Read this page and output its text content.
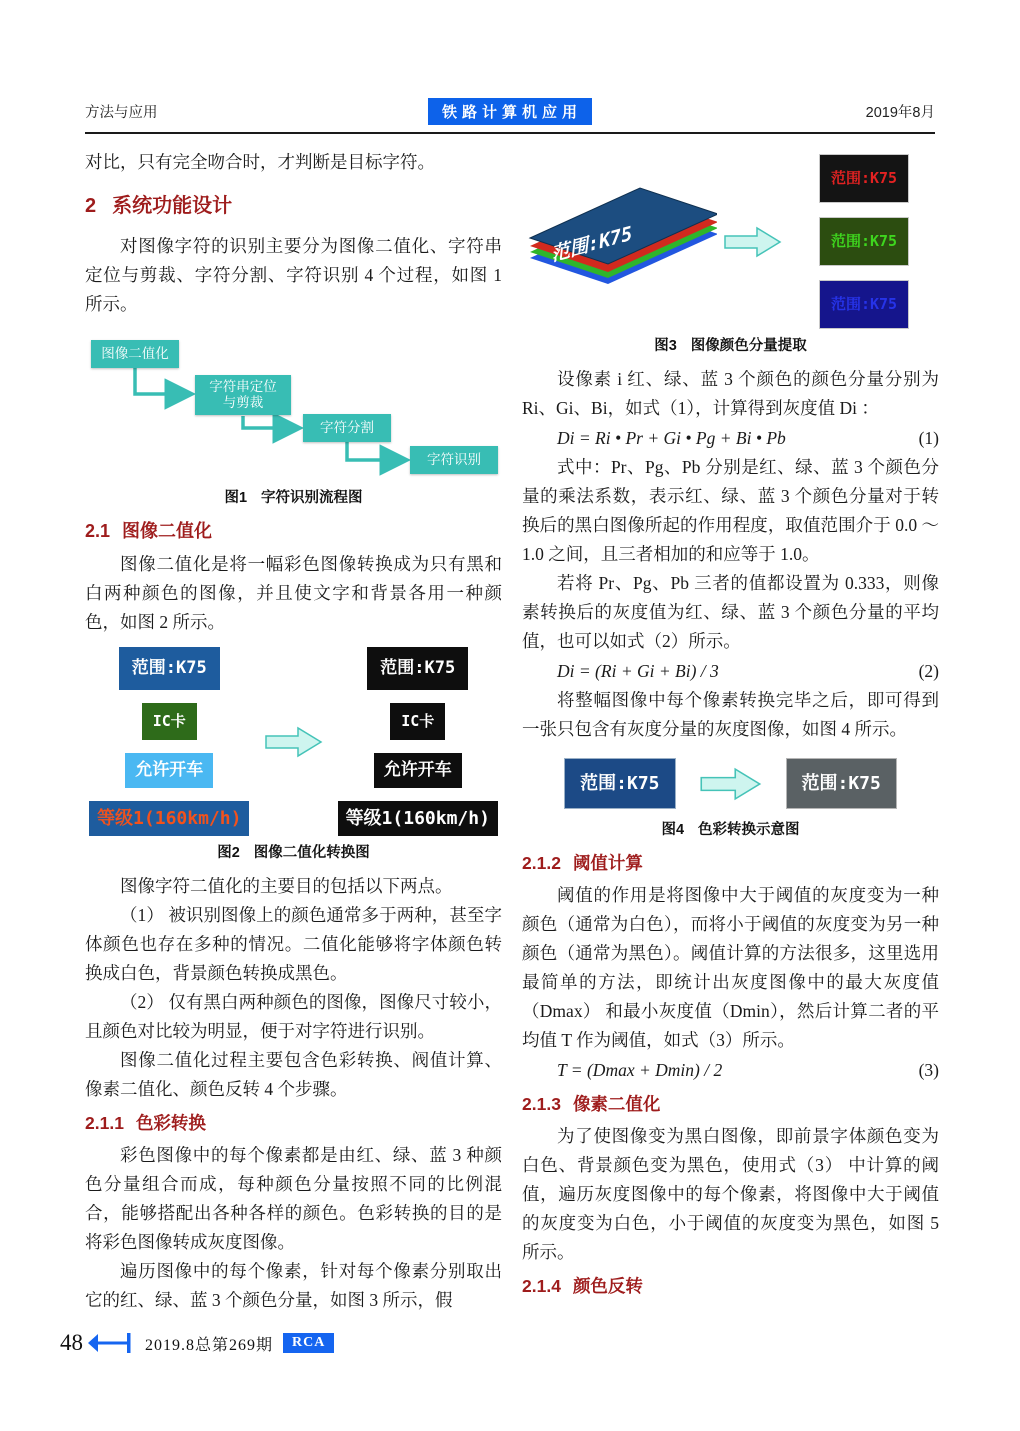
方法与应用	铁路计算机应用	2019年8月

对比，只有完全吻合时，才判断是目标字符。

2 系统功能设计

对图像字符的识别主要分为图像二值化、字符串定位与剪裁、字符分割、字符识别 4 个过程，如图 1 所示。

图像二值化
字符串定位
与剪裁
字符分割
字符识别
图1 字符识别流程图
2.1 图像二值化

图像二值化是将一幅彩色图像转换成为只有黑和白两种颜色的图像，并且使文字和背景各用一种颜色，如图 2 所示。

范围:K75	范围:K75
IC卡	IC卡
允许开车	允许开车
等级1(160km/h)	等级1(160km/h)
图2 图像二值化转换图

图像字符二值化的主要目的包括以下两点。

（1） 被识别图像上的颜色通常多于两种，甚至字体颜色也存在多种的情况。二值化能够将字体颜色转换成白色，背景颜色转换成黑色。

（2） 仅有黑白两种颜色的图像，图像尺寸较小，且颜色对比较为明显，便于对字符进行识别。

图像二值化过程主要包含色彩转换、阀值计算、像素二值化、颜色反转 4 个步骤。

2.1.1 色彩转换

彩色图像中的每个像素都是由红、绿、蓝 3 种颜色分量组合而成，每种颜色分量按照不同的比例混合，能够搭配出各种各样的颜色。色彩转换的目的是将彩色图像转成灰度图像。

遍历图像中的每个像素，针对每个像素分别取出它的红、绿、蓝 3 个颜色分量，如图 3 所示，假

范围:K75
范围:K75
范围:K75
范围:K75
图3 图像颜色分量提取

设像素 i 红、绿、蓝 3 个颜色的颜色分量分别为 Ri、Gi、Bi，如式（1），计算得到灰度值 Di ：

Di = Ri • Pr + Gi • Pg + Bi • Pb	(1)

式中：Pr、Pg、Pb 分别是红、绿、蓝 3 个颜色分量的乘法系数，表示红、绿、蓝 3 个颜色分量对于转换后的黑白图像所起的作用程度，取值范围介于 0.0 ～ 1.0 之间，且三者相加的和应等于 1.0。

若将 Pr、Pg、Pb 三者的值都设置为 0.333，则像素转换后的灰度值为红、绿、蓝 3 个颜色分量的平均值，也可以如式（2）所示。

Di = (Ri + Gi + Bi) / 3	(2)

将整幅图像中每个像素转换完毕之后，即可得到一张只包含有灰度分量的灰度图像，如图 4 所示。

范围:K75	范围:K75
图4 色彩转换示意图
2.1.2 阈值计算

阈值的作用是将图像中大于阈值的灰度变为一种颜色（通常为白色），而将小于阈值的灰度变为另一种颜色（通常为黑色）。阈值计算的方法很多，这里选用最简单的方法，即统计出灰度图像中的最大灰度值（Dmax） 和最小灰度值（Dmin），然后计算二者的平均值 T 作为阈值，如式（3）所示。

T = (Dmax + Dmin) / 2	(3)
2.1.3 像素二值化

为了使图像变为黑白图像，即前景字体颜色变为白色、背景颜色变为黑色，使用式（3） 中计算的阈值，遍历灰度图像中的每个像素，将图像中大于阈值的灰度变为白色，小于阈值的灰度变为黑色，如图 5 所示。

2.1.4 颜色反转
48	2019.8总第269期	RCA
